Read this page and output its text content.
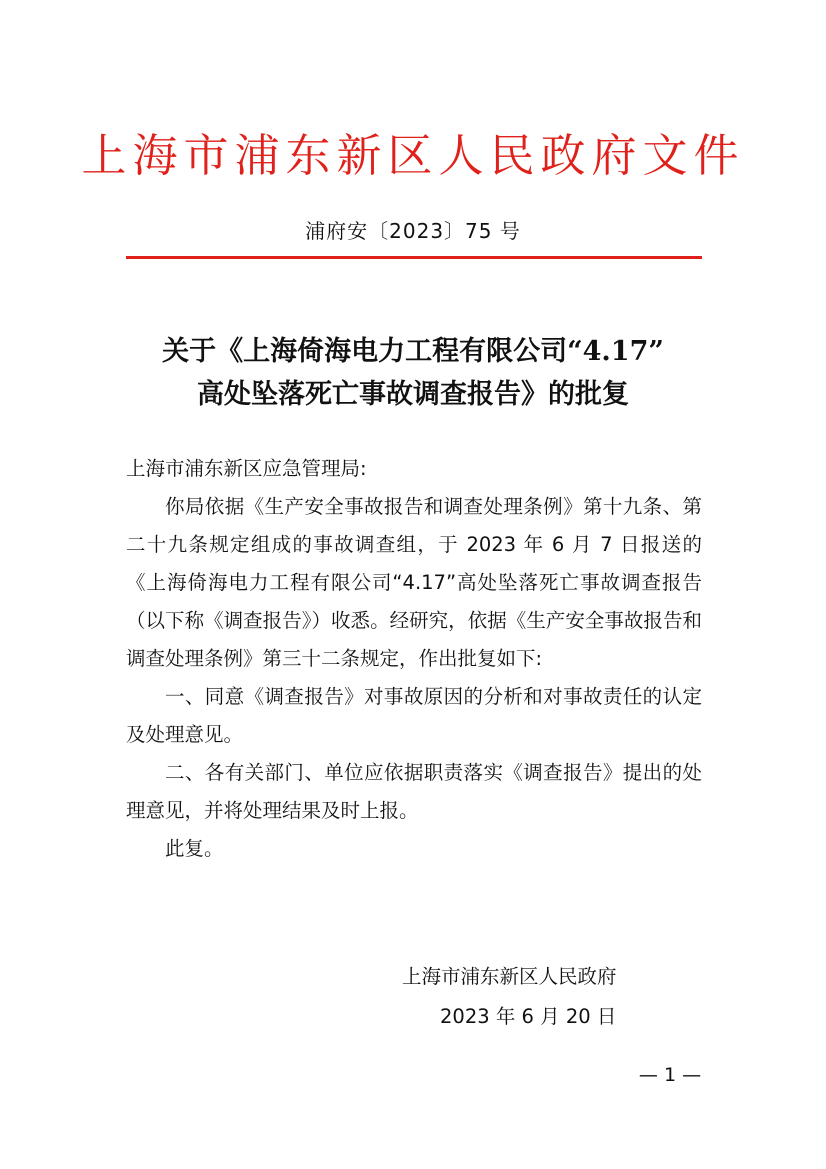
上海市浦东新区人民政府文件
浦府安〔2023〕75 号
关于《上海倚海电力工程有限公司“4.17”
高处坠落死亡事故调查报告》的批复

上海市浦东新区应急管理局:

你局依据《生产安全事故报告和调查处理条例》第十九条、第二十九条规定组成的事故调查组，于 2023 年 6 月 7 日报送的《上海倚海电力工程有限公司“4.17”高处坠落死亡事故调查报告（以下称《调查报告》）收悉。经研究，依据《生产安全事故报告和调查处理条例》第三十二条规定，作出批复如下:

一、同意《调查报告》对事故原因的分析和对事故责任的认定及处理意见。

二、各有关部门、单位应依据职责落实《调查报告》提出的处理意见，并将处理结果及时上报。

此复。

上海市浦东新区人民政府
2023 年 6 月 20 日
— 1 —
